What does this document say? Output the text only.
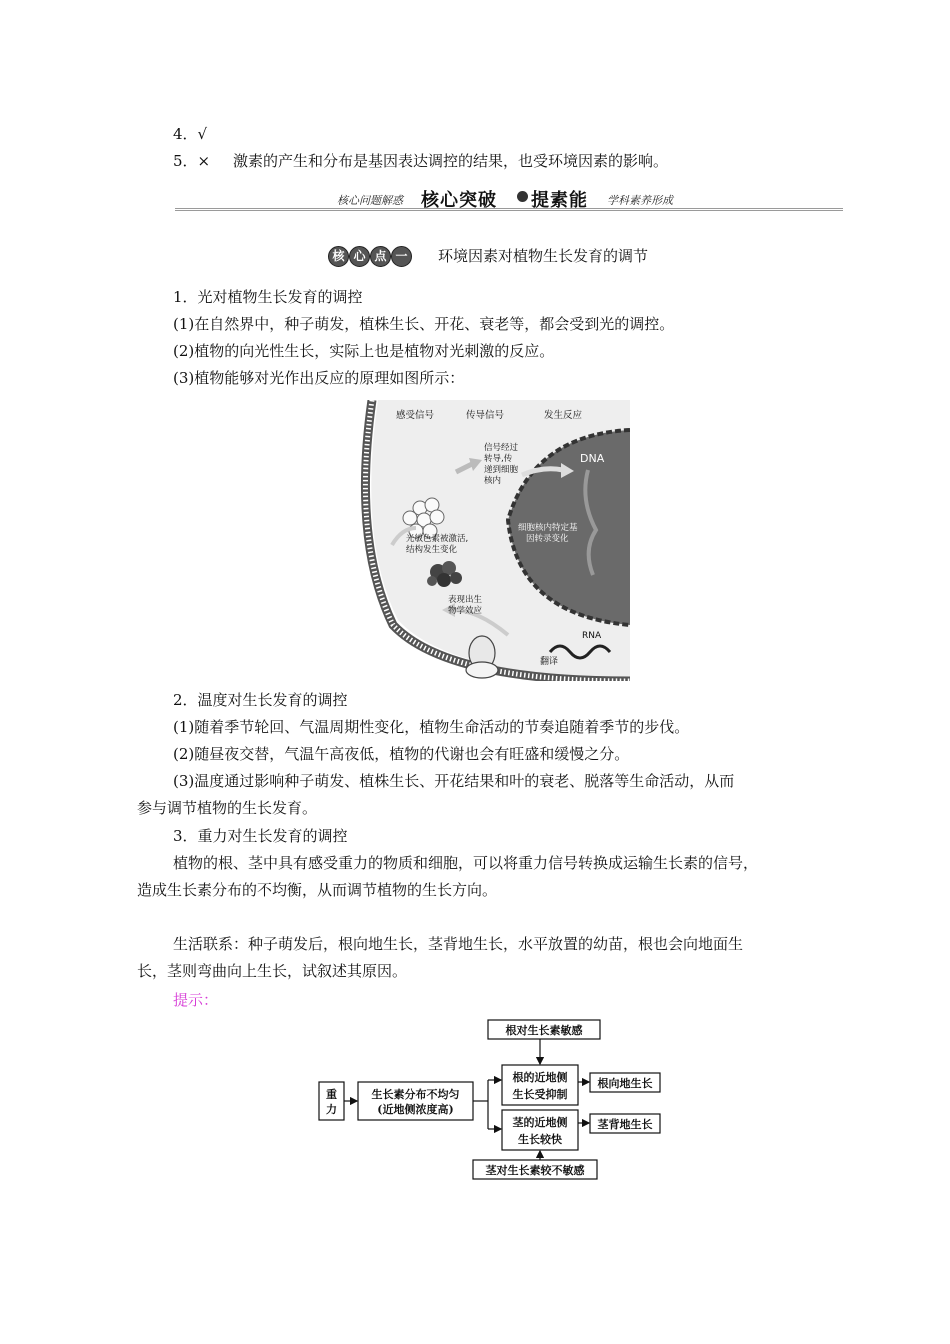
4．√
5．× 激素的产生和分布是基因表达调控的结果，也受环境因素的影响。
核心问题解惑 核心突破 提素能 学科素养形成
核 心 点 一	环境因素对植物生长发育的调节
1．光对植物生长发育的调控
(1)在自然界中，种子萌发，植株生长、开花、衰老等，都会受到光的调控。
(2)植物的向光性生长，实际上也是植物对光刺激的反应。
(3)植物能够对光作出反应的原理如图所示：
感受信号	传导信号	发生反应
信号经过
转导,传
递到细胞
核内
DNA
细胞核内特定基
因转录变化
光敏色素被激活,
结构发生变化
表现出生
物学效应
RNA
翻译
2．温度对生长发育的调控
(1)随着季节轮回、气温周期性变化，植物生命活动的节奏追随着季节的步伐。
(2)随昼夜交替，气温午高夜低，植物的代谢也会有旺盛和缓慢之分。
(3)温度通过影响种子萌发、植株生长、开花结果和叶的衰老、脱落等生命活动，从而
参与调节植物的生长发育。
3．重力对生长发育的调控
植物的根、茎中具有感受重力的物质和细胞，可以将重力信号转换成运输生长素的信号，
造成生长素分布的不均衡，从而调节植物的生长方向。
生活联系：种子萌发后，根向地生长，茎背地生长，水平放置的幼苗，根也会向地面生
长，茎则弯曲向上生长，试叙述其原因。
提示：
重
力
生长素分布不均匀
(近地侧浓度高)
根对生长素敏感
根的近地侧
生长受抑制
根向地生长
茎的近地侧
生长较快
茎背地生长
茎对生长素较不敏感
